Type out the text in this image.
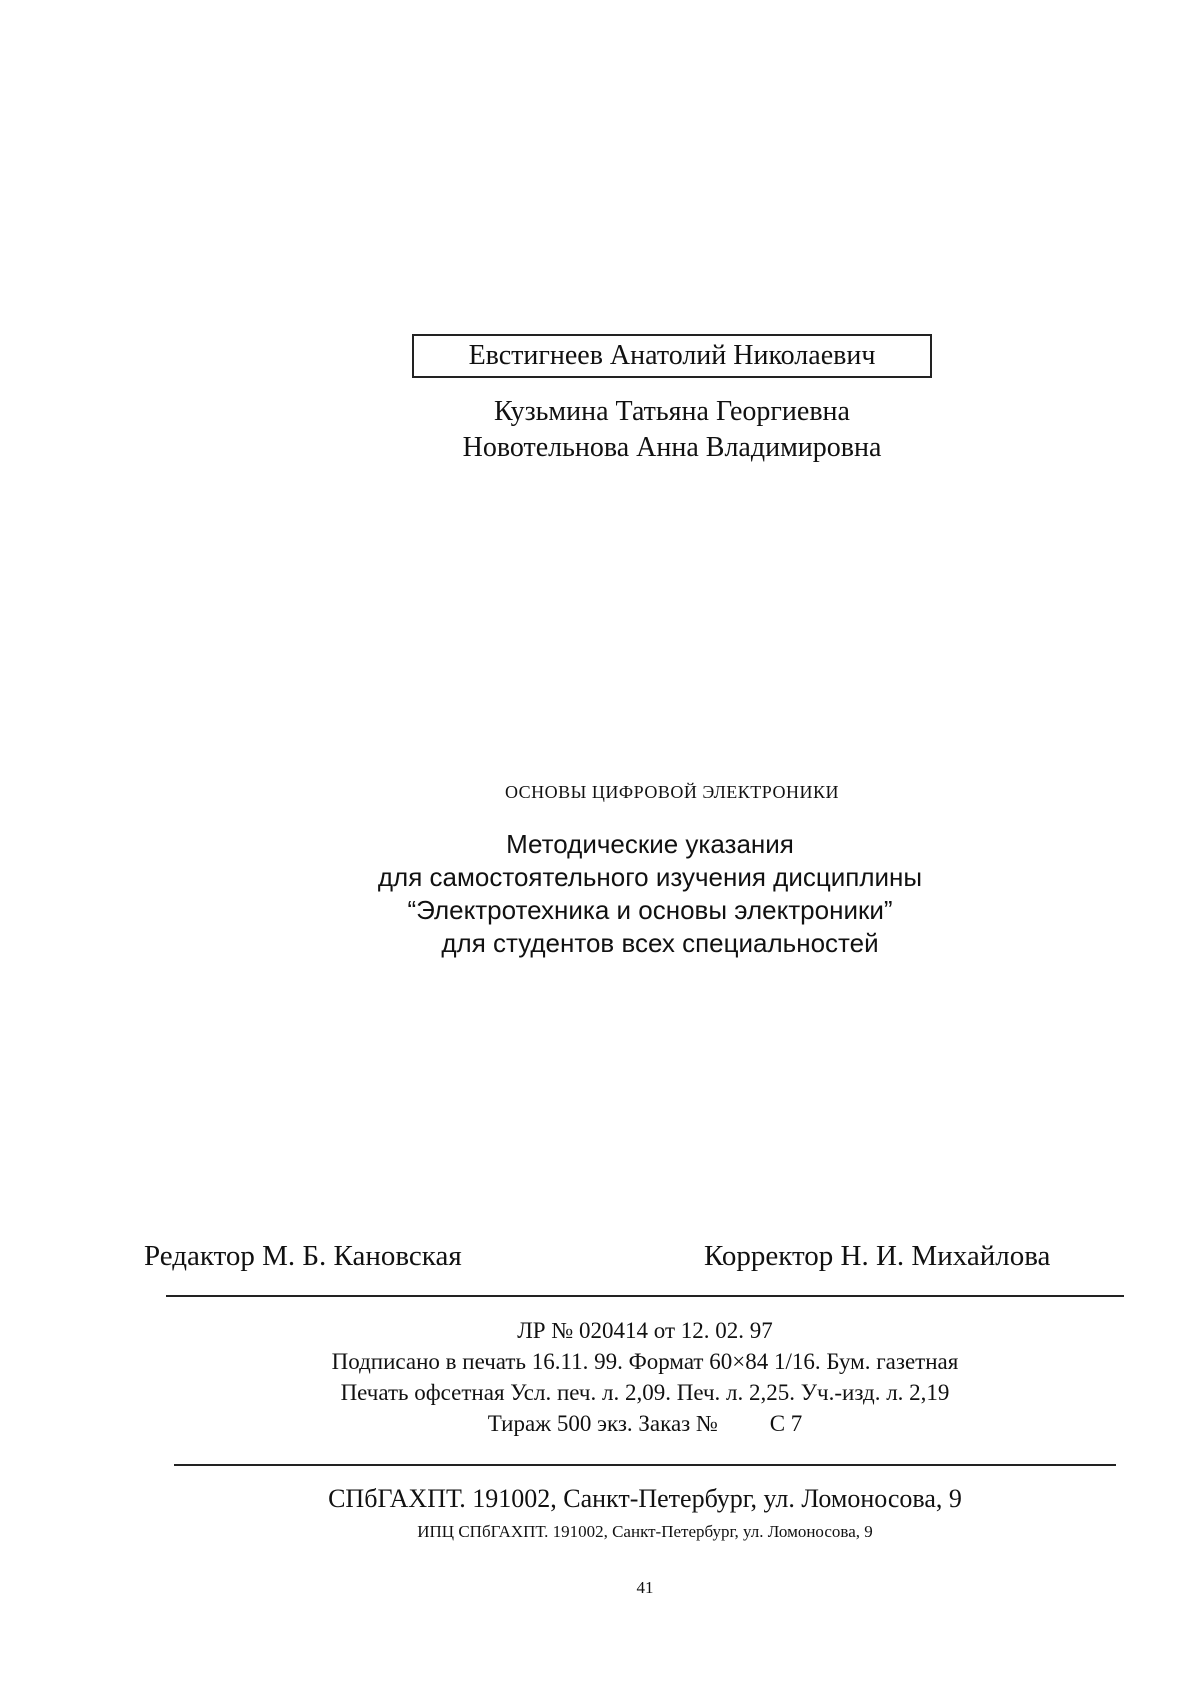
Евстигнеев Анатолий Николаевич
Кузьмина Татьяна Георгиевна
Новотельнова Анна Владимировна
ОСНОВЫ ЦИФРОВОЙ ЭЛЕКТРОНИКИ
Методические указания
для самостоятельного изучения дисциплины
“Электротехника и основы электроники”
для студентов всех специальностей
Редактор М. Б. Кановская	Корректор Н. И. Михайлова
ЛР № 020414 от 12. 02. 97
Подписано в печать 16.11. 99. Формат 60×84 1/16. Бум. газетная
Печать офсетная Усл. печ. л. 2,09. Печ. л. 2,25. Уч.-изд. л. 2,19
Тираж 500 экз. Заказ №         С 7
СПбГАХПТ. 191002, Санкт-Петербург, ул. Ломоносова, 9
ИПЦ СПбГАХПТ. 191002, Санкт-Петербург, ул. Ломоносова, 9
41
